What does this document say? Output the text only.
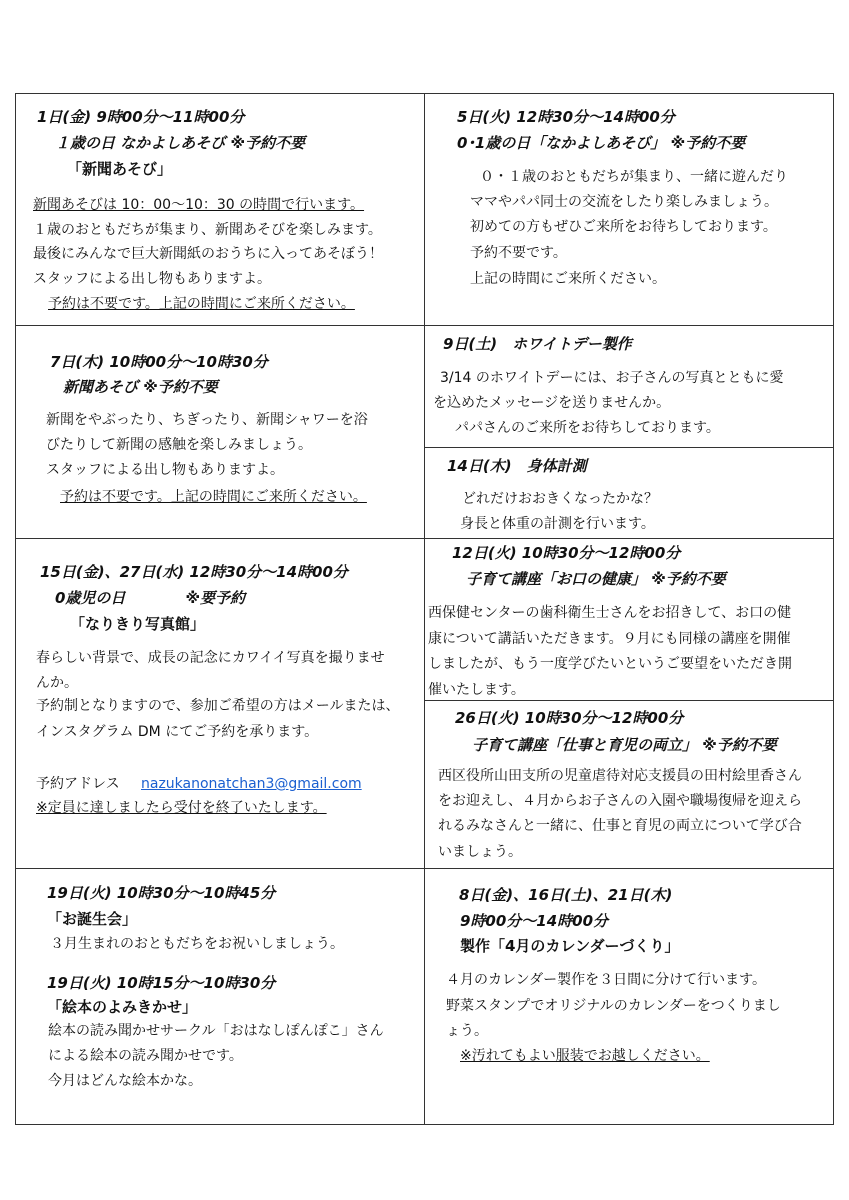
1日(金) 9時00分～11時00分
１歳の日 なかよしあそび ※予約不要
「新聞あそび」
新聞あそびは 10：00～10：30 の時間で行います。
１歳のおともだちが集まり、新聞あそびを楽しみます。
最後にみんなで巨大新聞紙のおうちに入ってあそぼう！
スタッフによる出し物もありますよ。
予約は不要です。上記の時間にご来所ください。
5日(火) 12時30分～14時00分
0･1歳の日「なかよしあそび」 ※予約不要
０・１歳のおともだちが集まり、一緒に遊んだり
ママやパパ同士の交流をしたり楽しみましょう。
初めての方もぜひご来所をお待ちしております。
予約不要です。
上記の時間にご来所ください。
7日(木) 10時00分～10時30分
新聞あそび ※予約不要
新聞をやぶったり、ちぎったり、新聞シャワーを浴
びたりして新聞の感触を楽しみましょう。
スタッフによる出し物もありますよ。
予約は不要です。上記の時間にご来所ください。
9日(土)　ホワイトデー製作
3/14 のホワイトデーには、お子さんの写真とともに愛
を込めたメッセージを送りませんか。
パパさんのご来所をお待ちしております。
14日(木)　身体計測
どれだけおおきくなったかな？
身長と体重の計測を行います。
15日(金)、27日(水) 12時30分～14時00分
0歳児の日　　　　※要予約
「なりきり写真館」
春らしい背景で、成長の記念にカワイイ写真を撮りませ
んか。
予約制となりますので、参加ご希望の方はメールまたは、
インスタグラム DM にてご予約を承ります。
予約アドレス nazukanonatchan3@gmail.com
※定員に達しましたら受付を終了いたします。
12日(火) 10時30分～12時00分
子育て講座「お口の健康」 ※予約不要
西保健センターの歯科衛生士さんをお招きして、お口の健
康について講話いただきます。９月にも同様の講座を開催
しましたが、もう一度学びたいというご要望をいただき開
催いたします。
26日(火) 10時30分～12時00分
子育て講座「仕事と育児の両立」 ※予約不要
西区役所山田支所の児童虐待対応支援員の田村絵里香さん
をお迎えし、４月からお子さんの入園や職場復帰を迎えら
れるみなさんと一緒に、仕事と育児の両立について学び合
いましょう。
19日(火) 10時30分～10時45分
「お誕生会」
３月生まれのおともだちをお祝いしましょう。
19日(火) 10時15分～10時30分
「絵本のよみきかせ」
絵本の読み聞かせサークル「おはなしぽんぽこ」さん
による絵本の読み聞かせです。
今月はどんな絵本かな。
8日(金)、16日(土)、21日(木)
9時00分～14時00分
製作「4月のカレンダーづくり」
４月のカレンダー製作を３日間に分けて行います。
野菜スタンプでオリジナルのカレンダーをつくりまし
ょう。
※汚れてもよい服装でお越しください。
